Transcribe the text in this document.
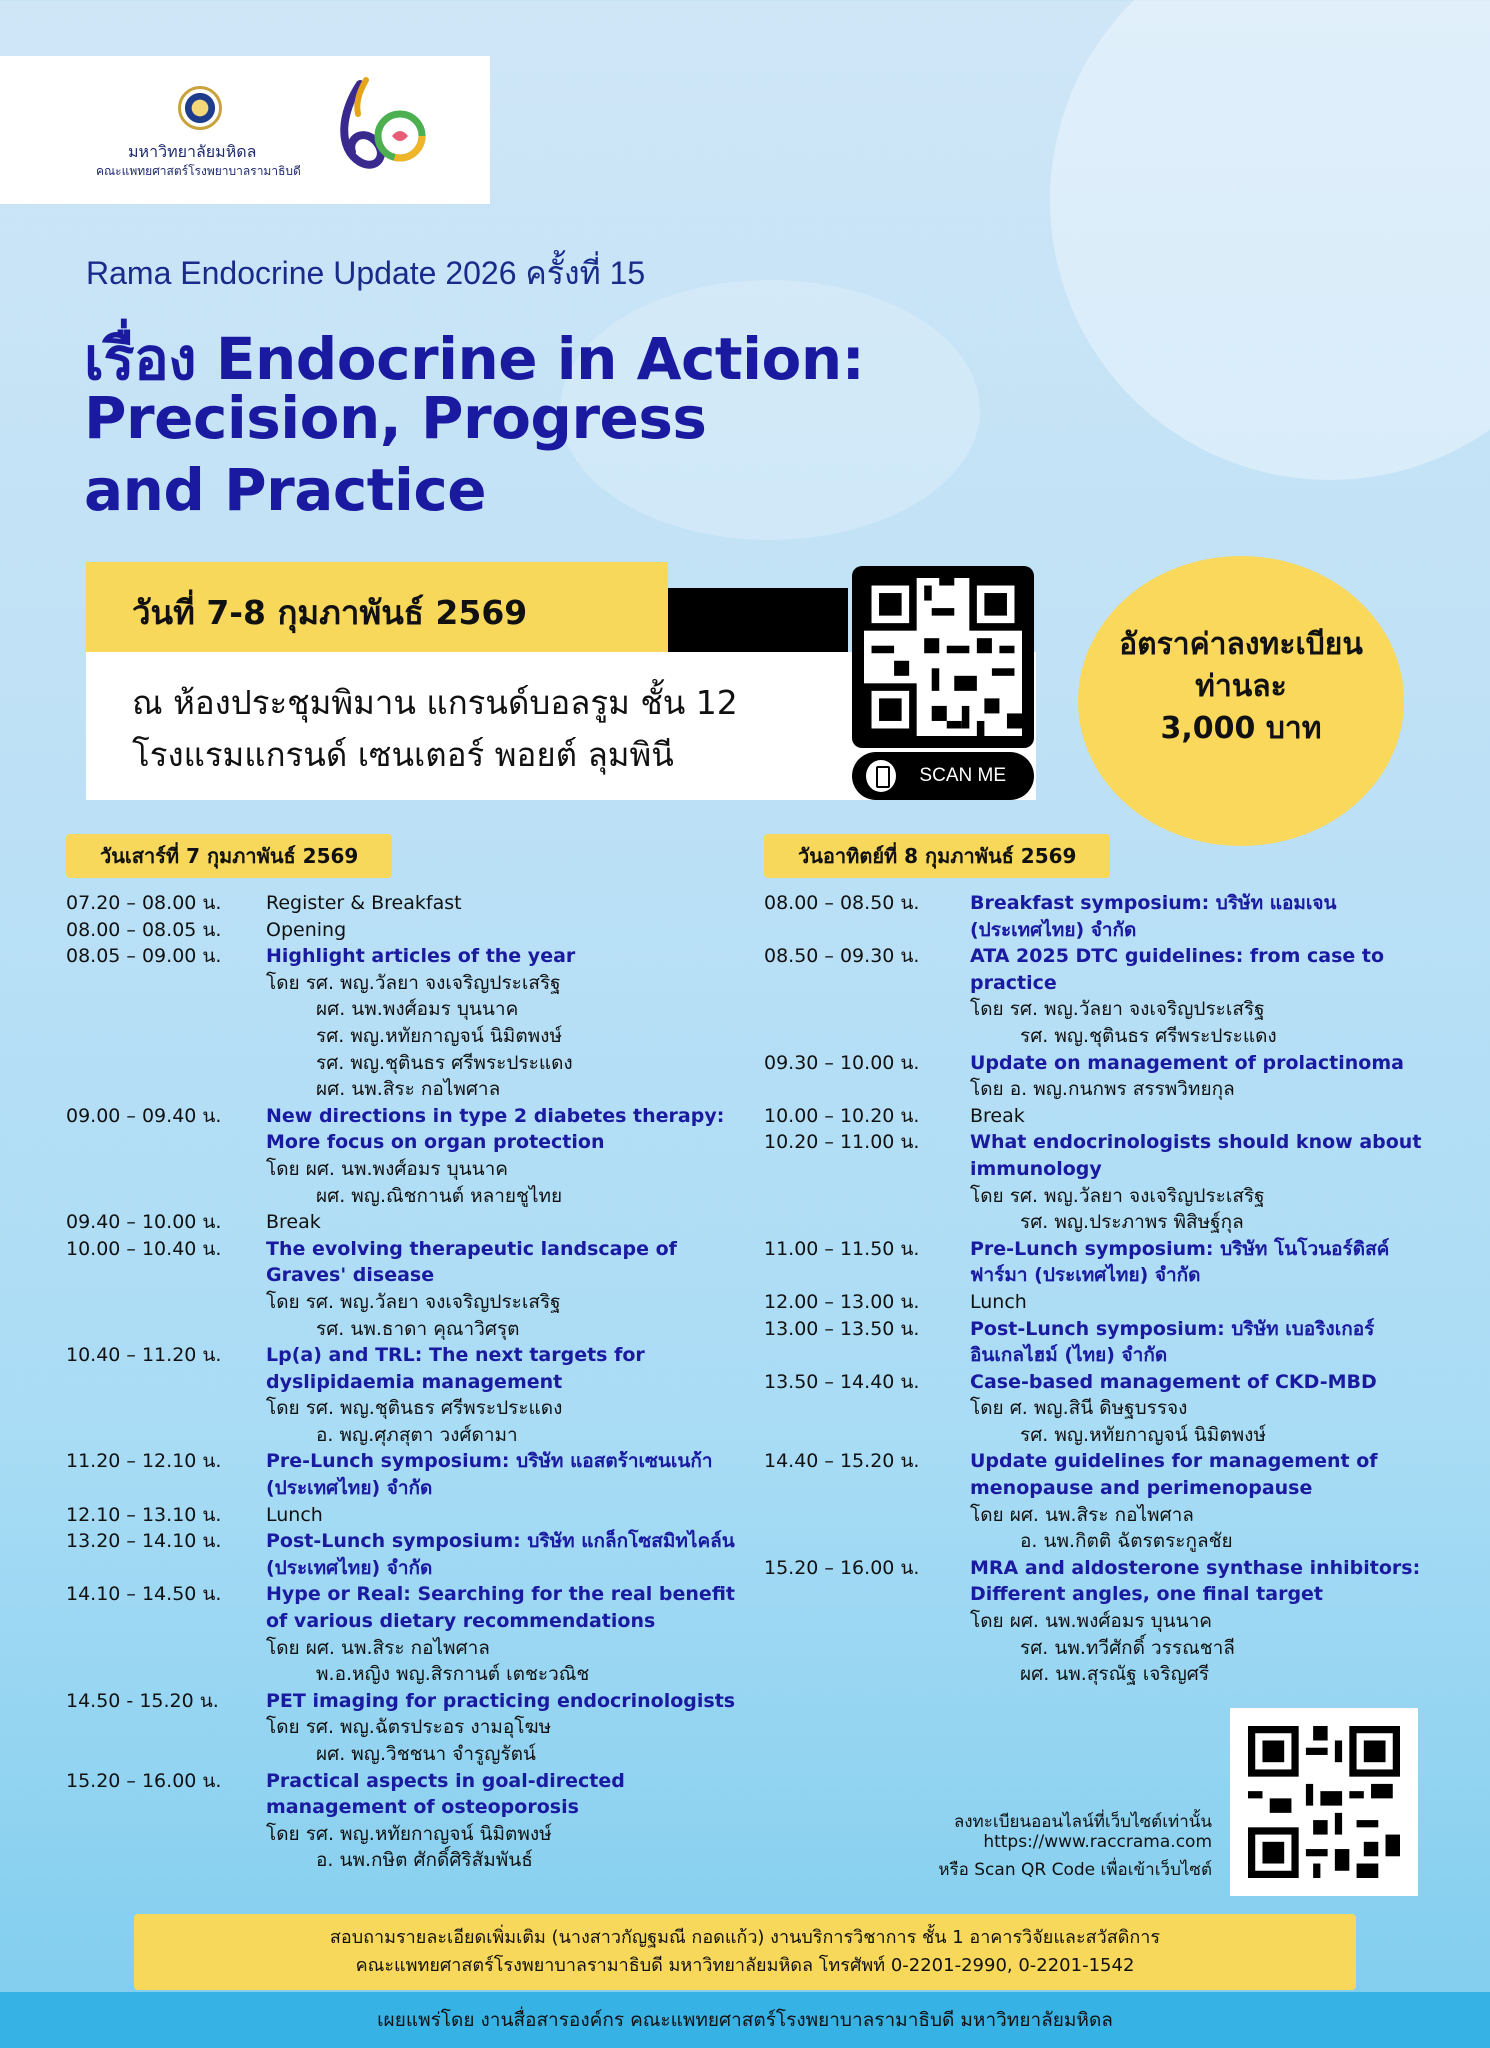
มหาวิทยาลัยมหิดล
คณะแพทยศาสตร์โรงพยาบาลรามาธิบดี
Rama Endocrine Update 2026 ครั้งที่ 15
เรื่อง Endocrine in Action:
Precision, Progress
and Practice
วันที่ 7-8 กุมภาพันธ์ 2569
ณ ห้องประชุมพิมาน แกรนด์บอลรูม ชั้น 12
โรงแรมแกรนด์ เซนเตอร์ พอยต์ ลุมพินี
SCAN ME
อัตราค่าลงทะเบียน
ท่านละ
3,000 บาท
วันเสาร์ที่ 7 กุมภาพันธ์ 2569	วันอาทิตย์ที่ 8 กุมภาพันธ์ 2569
07.20 – 08.00 น. Register & Breakfast
08.00 – 08.05 น. Opening
08.05 – 09.00 น. Highlight articles of the year
โดย รศ. พญ.วัลยา จงเจริญประเสริฐ
ผศ. นพ.พงศ์อมร บุนนาค
รศ. พญ.หทัยกาญจน์ นิมิตพงษ์
รศ. พญ.ชุตินธร ศรีพระประแดง
ผศ. นพ.สิระ กอไพศาล
09.00 – 09.40 น. New directions in type 2 diabetes therapy:
More focus on organ protection
โดย ผศ. นพ.พงศ์อมร บุนนาค
ผศ. พญ.ณิชกานต์ หลายชูไทย
09.40 – 10.00 น. Break
10.00 – 10.40 น. The evolving therapeutic landscape of
Graves' disease
โดย รศ. พญ.วัลยา จงเจริญประเสริฐ
รศ. นพ.ธาดา คุณาวิศรุต
10.40 – 11.20 น. Lp(a) and TRL: The next targets for
dyslipidaemia management
โดย รศ. พญ.ชุตินธร ศรีพระประแดง
อ. พญ.ศุภสุตา วงศ์ดามา
11.20 – 12.10 น. Pre-Lunch symposium: บริษัท แอสตร้าเซนเนก้า
(ประเทศไทย) จำกัด
12.10 – 13.10 น. Lunch
13.20 – 14.10 น. Post-Lunch symposium: บริษัท แกล็กโซสมิทไคล์น
(ประเทศไทย) จำกัด
14.10 – 14.50 น. Hype or Real: Searching for the real benefit
of various dietary recommendations
โดย ผศ. นพ.สิระ กอไพศาล
พ.อ.หญิง พญ.สิรกานต์ เตชะวณิช
14.50 - 15.20 น. PET imaging for practicing endocrinologists
โดย รศ. พญ.ฉัตรประอร งามอุโฆษ
ผศ. พญ.วิชชนา จำรูญรัตน์
15.20 – 16.00 น. Practical aspects in goal-directed
management of osteoporosis
โดย รศ. พญ.หทัยกาญจน์ นิมิตพงษ์
อ. นพ.กษิต ศักดิ์ศิริสัมพันธ์
08.00 – 08.50 น.	Breakfast symposium: บริษัท แอมเจน
(ประเทศไทย) จำกัด
08.50 – 09.30 น.	ATA 2025 DTC guidelines: from case to
practice
โดย รศ. พญ.วัลยา จงเจริญประเสริฐ
รศ. พญ.ชุตินธร ศรีพระประแดง
09.30 – 10.00 น.	Update on management of prolactinoma
โดย อ. พญ.กนกพร สรรพวิทยกุล
10.00 – 10.20 น.	Break
10.20 – 11.00 น.	What endocrinologists should know about
immunology
โดย รศ. พญ.วัลยา จงเจริญประเสริฐ
รศ. พญ.ประภาพร พิสิษฐ์กุล
11.00 – 11.50 น.	Pre-Lunch symposium: บริษัท โนโวนอร์ดิสค์
ฟาร์มา (ประเทศไทย) จำกัด
12.00 – 13.00 น.	Lunch
13.00 – 13.50 น.	Post-Lunch symposium: บริษัท เบอริงเกอร์
อินเกลไฮม์ (ไทย) จำกัด
13.50 – 14.40 น.	Case-based management of CKD-MBD
โดย ศ. พญ.สินี ดิษฐบรรจง
รศ. พญ.หทัยกาญจน์ นิมิตพงษ์
14.40 – 15.20 น.	Update guidelines for management of
menopause and perimenopause
โดย ผศ. นพ.สิระ กอไพศาล
อ. นพ.กิตติ ฉัตรตระกูลชัย
15.20 – 16.00 น.	MRA and aldosterone synthase inhibitors:
Different angles, one final target
โดย ผศ. นพ.พงศ์อมร บุนนาค
รศ. นพ.ทวีศักดิ์ วรรณชาลี
ผศ. นพ.สุรณัฐ เจริญศรี
ลงทะเบียนออนไลน์ที่เว็บไซต์เท่านั้น
https://www.raccrama.com
หรือ Scan QR Code เพื่อเข้าเว็บไซต์
สอบถามรายละเอียดเพิ่มเติม (นางสาวกัญฐมณี กอดแก้ว) งานบริการวิชาการ ชั้น 1 อาคารวิจัยและสวัสดิการ
คณะแพทยศาสตร์โรงพยาบาลรามาธิบดี มหาวิทยาลัยมหิดล โทรศัพท์ 0-2201-2990, 0-2201-1542
เผยแพร่โดย งานสื่อสารองค์กร คณะแพทยศาสตร์โรงพยาบาลรามาธิบดี มหาวิทยาลัยมหิดล
